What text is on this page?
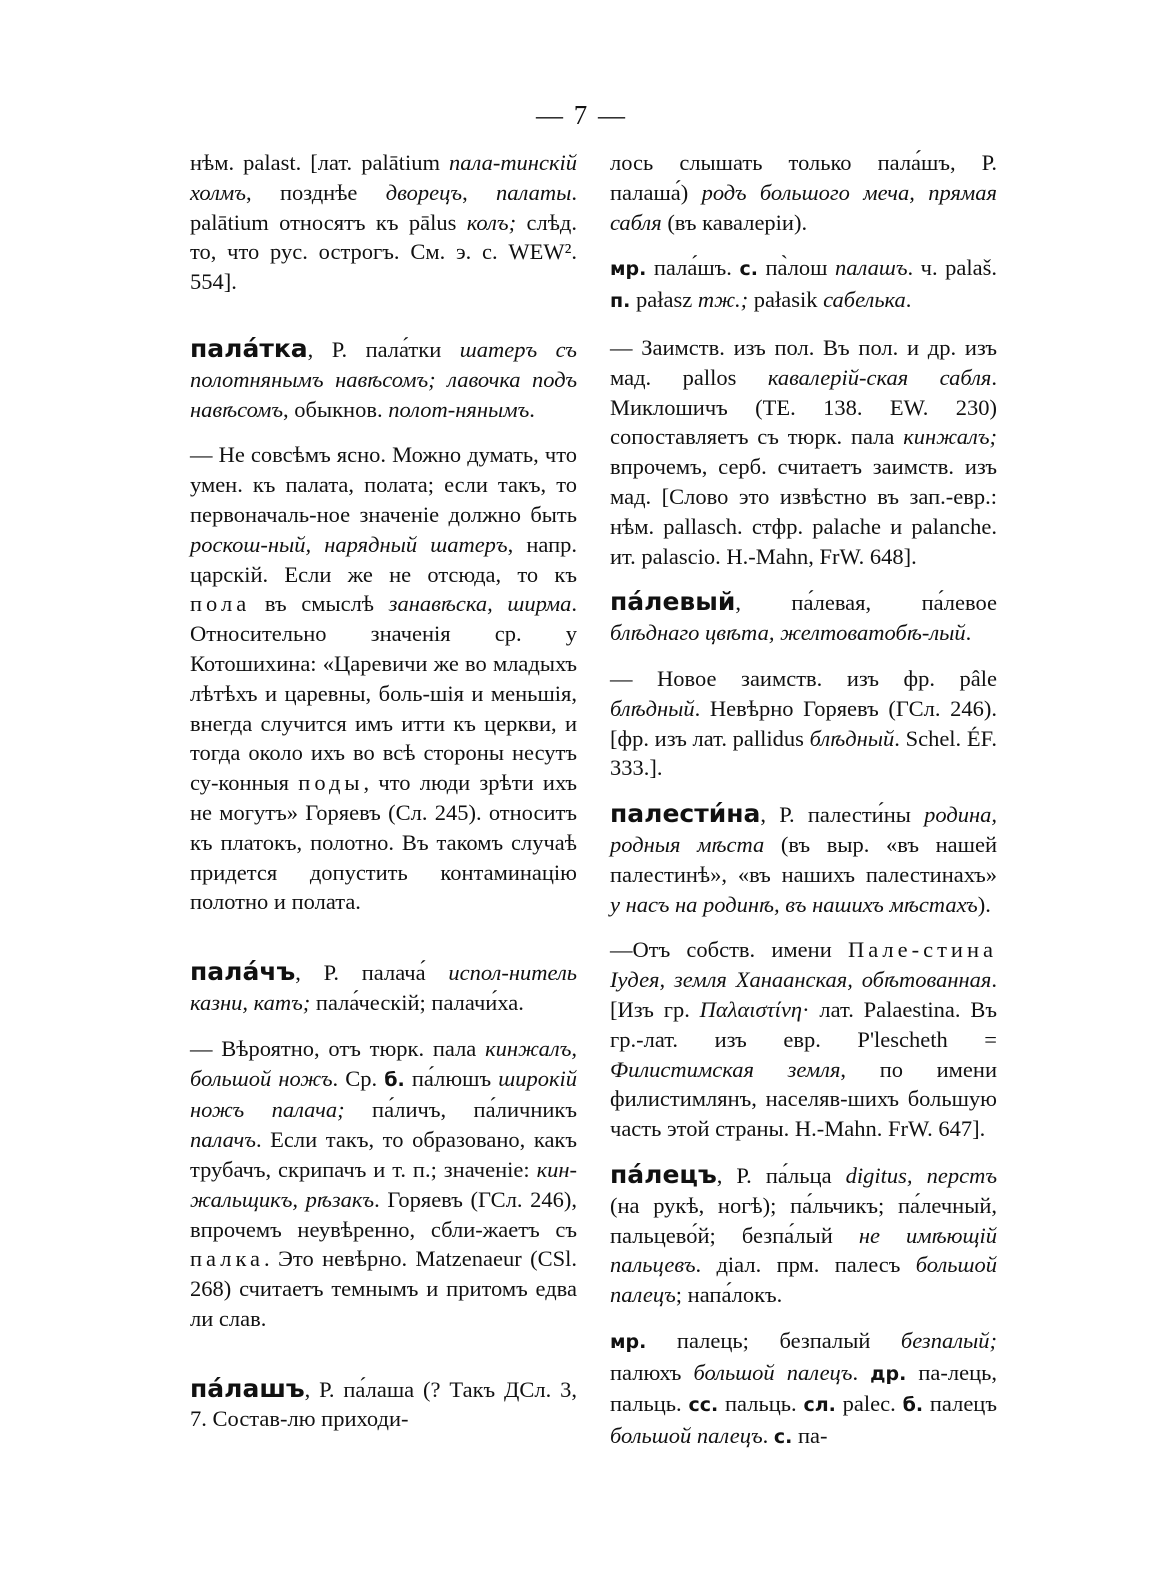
— 7 —

нѣм. palast. [лат. palātium пала-тинскій холмъ, позднѣе дворецъ, палаты. palātium относятъ къ pālus колъ; слѣд. то, что рус. острогъ. См. э. с. WEW². 554].

пала́тка, Р. пала́тки шатеръ съ полотнянымъ навѣсомъ; лавочка подъ навѣсомъ, обыкнов. полот-нянымъ.

— Не совсѣмъ ясно. Можно думать, что умен. къ палата, полата; если такъ, то первоначаль-ное значеніе должно быть роскош-ный, нарядный шатеръ, напр. царскій. Если же не отсюда, то къ пола въ смыслѣ занавѣска, ширма. Относительно значенія ср. у Котошихина: «Царевичи же во младыхъ лѣтѣхъ и царевны, боль-шія и меньшія, внегда случится имъ итти къ церкви, и тогда около ихъ во всѣ стороны несутъ су-конныя поды, что люди зрѣти ихъ не могутъ» Горяевъ (Сл. 245). относитъ къ платокъ, полотно. Въ такомъ случаѣ придется допустить контаминацію полотно и полата.

пала́чъ, Р. палача́ испол-нитель казни, катъ; пала́ческій; палачи́ха.

— Вѣроятно, отъ тюрк. пала кинжалъ, большой ножъ. Ср. б. па́люшъ широкій ножъ палача; па́личъ, па́личникъ палачъ. Если такъ, то образовано, какъ трубачъ, скрипачъ и т. п.; значеніе: кин-жальщикъ, рѣзакъ. Горяевъ (ГСл. 246), впрочемъ неувѣренно, сбли-жаетъ съ палка. Это невѣрно. Matzenaeur (CSl. 268) считаетъ темнымъ и притомъ едва ли слав.

па́лашъ, Р. па́лаша (? Такъ ДСл. 3, 7. Состав-лю приходи-

лось слышать только пала́шъ, Р. палаша́) родъ большого меча, прямая сабля (въ кавалеріи).

мр. пала́шъ. с. па̀лош палашъ. ч. palaš. п. pałasz тж.; pałasik сабелька.

— Заимств. изъ пол. Въ пол. и др. изъ мад. pallos кавалерій-ская сабля. Миклошичъ (ТЕ. 138. EW. 230) сопоставляетъ съ тюрк. пала кинжалъ; впрочемъ, серб. считаетъ заимств. изъ мад. [Слово это извѣстно въ зап.-евр.: нѣм. pallasch. стфр. palache и palanche. ит. palascio. H.-Mahn, FrW. 648].

па́левый, па́левая, па́левое блѣднаго цвѣта, желтоватобѣ-лый.

— Новое заимств. изъ фр. pâle блѣдный. Невѣрно Горяевъ (ГСл. 246). [фр. изъ лат. pallidus блѣдный. Schel. ÉF. 333.].

палести́на, Р. палести́ны родина, родныя мѣста (въ выр. «въ нашей палестинѣ», «въ нашихъ палестинахъ» у насъ на родинѣ, въ нашихъ мѣстахъ).

—Отъ собств. имени Пале-стина Іудея, земля Ханаанская, обѣтованная. [Изъ гр. Παλαιστίνη· лат. Palaestina. Въ гр.-лат. изъ евр. P'lescheth = Филистимская земля, по имени филистимлянъ, населяв-шихъ большую часть этой страны. H.-Mahn. FrW. 647].

па́лецъ, Р. па́льца digitus, перстъ (на рукѣ, ногѣ); па́льчикъ; па́лечный, пальцево́й; безпа́лый не имѣющій пальцевъ. діал. прм. палесъ большой палецъ; напа́локъ.

мр. палець; безпалый безпалый; палюхъ большой палецъ. др. па-лець, пальць. сс. пальць. сл. palec. б. палецъ большой палецъ. с. па-
